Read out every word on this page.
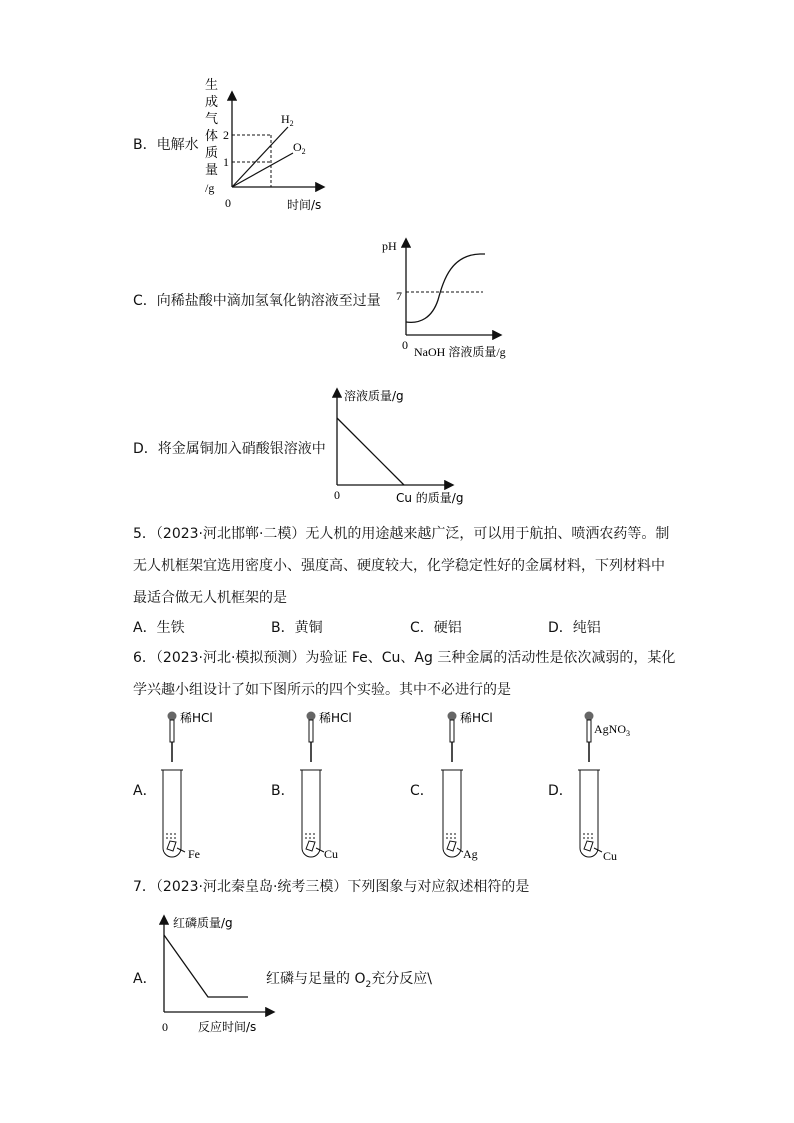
B．电解水
生
成
气
体
质
量
/g
0	时间/s
2
1
$H_2$
$O_2$
C．向稀盐酸中滴加氢氧化钠溶液至过量
pH
7
0 NaOH 溶液质量/g
D．将金属铜加入硝酸银溶液中
溶液质量/g
0	Cu 的质量/g
5．（2023·河北邯郸·二模）无人机的用途越来越广泛，可以用于航拍、喷洒农药等。制
无人机框架宜选用密度小、强度高、硬度较大，化学稳定性好的金属材料，下列材料中
最适合做无人机框架的是
A．生铁	B．黄铜	C．硬铝	D．纯铝
6．（2023·河北·模拟预测）为验证 Fe、Cu、Ag 三种金属的活动性是依次减弱的，某化
学兴趣小组设计了如下图所示的四个实验。其中不必进行的是
A．
稀HCl
Fe
B．
稀HCl
Cu
C．
稀HCl
Ag
D．
AgNO$_3$
Cu
7．（2023·河北秦皇岛·统考三模）下列图象与对应叙述相符的是
A．
红磷质量/g
0	反应时间/s
红磷与足量的 $O_2$充分反应\
